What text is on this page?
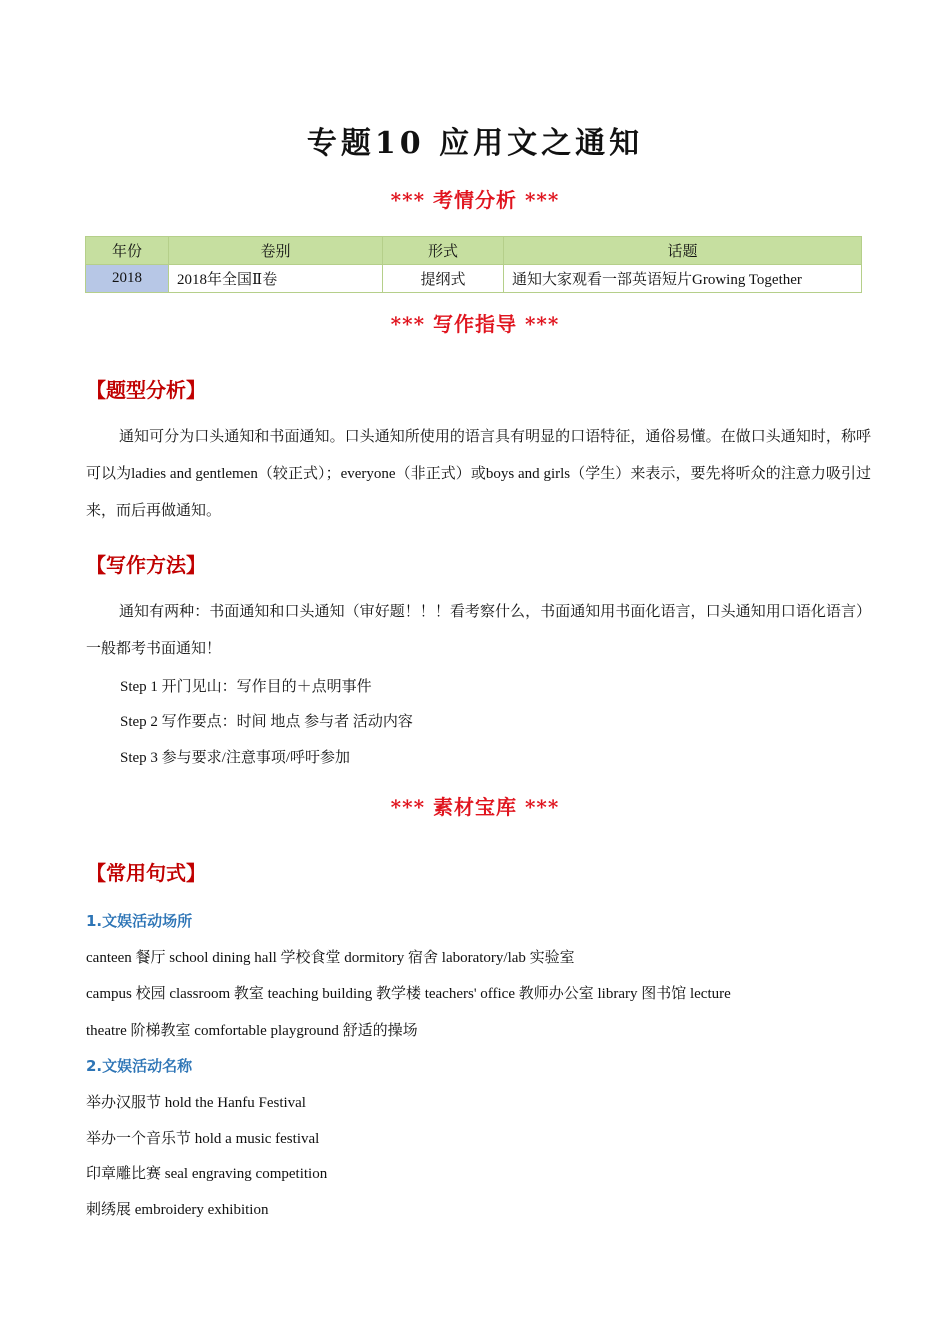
专题10 应用文之通知
*** 考情分析 ***
年份	卷别	形式	话题
2018	2018年全国Ⅱ卷	提纲式	通知大家观看一部英语短片Growing Together
*** 写作指导 ***
【题型分析】
通知可分为口头通知和书面通知。口头通知所使用的语言具有明显的口语特征，通俗易懂。在做口头通知时，称呼可以为ladies and gentlemen（较正式）；everyone（非正式）或boys and girls（学生）来表示，要先将听众的注意力吸引过来，而后再做通知。
【写作方法】
通知有两种：书面通知和口头通知（审好题！！！看考察什么，书面通知用书面化语言，口头通知用口语化语言）一般都考书面通知！
Step 1 开门见山：写作目的＋点明事件
Step 2 写作要点：时间 地点 参与者 活动内容
Step 3 参与要求/注意事项/呼吁参加
*** 素材宝库 ***
【常用句式】
1.文娱活动场所
canteen 餐厅 school dining hall 学校食堂 dormitory 宿舍 laboratory/lab 实验室
campus 校园 classroom 教室 teaching building 教学楼 teachers' office 教师办公室 library 图书馆 lecture
theatre 阶梯教室 comfortable playground 舒适的操场
2.文娱活动名称
举办汉服节 hold the Hanfu Festival
举办一个音乐节 hold a music festival
印章雕比赛 seal engraving competition
刺绣展 embroidery exhibition
